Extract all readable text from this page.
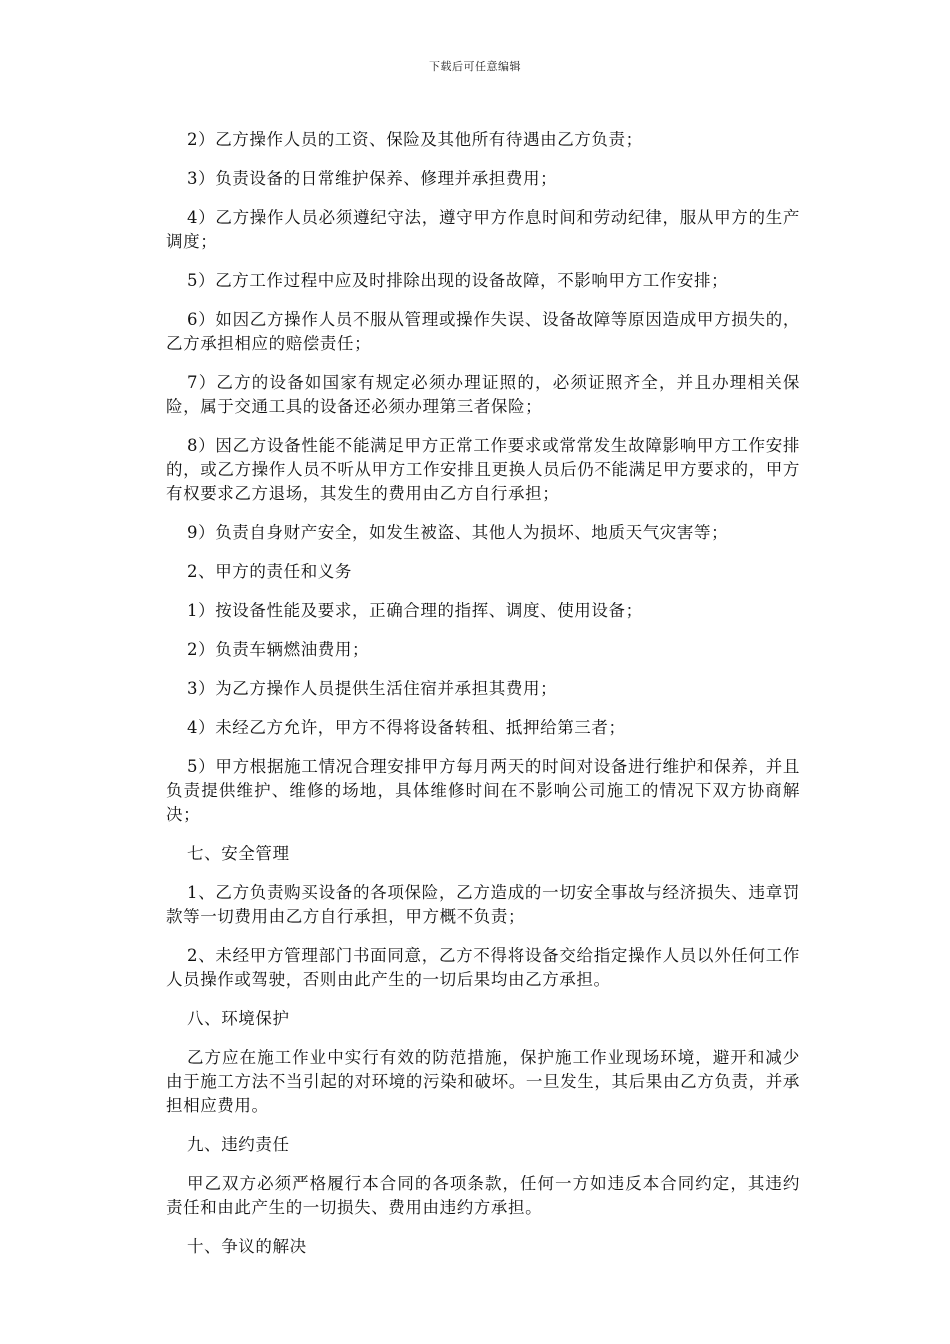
下载后可任意编辑

2）乙方操作人员的工资、保险及其他所有待遇由乙方负责；

3）负责设备的日常维护保养、修理并承担费用；

4）乙方操作人员必须遵纪守法，遵守甲方作息时间和劳动纪律，服从甲方的生产调度；

5）乙方工作过程中应及时排除出现的设备故障，不影响甲方工作安排；

6）如因乙方操作人员不服从管理或操作失误、设备故障等原因造成甲方损失的，乙方承担相应的赔偿责任；

7）乙方的设备如国家有规定必须办理证照的，必须证照齐全，并且办理相关保险，属于交通工具的设备还必须办理第三者保险；

8）因乙方设备性能不能满足甲方正常工作要求或常常发生故障影响甲方工作安排的，或乙方操作人员不听从甲方工作安排且更换人员后仍不能满足甲方要求的，甲方有权要求乙方退场，其发生的费用由乙方自行承担；

9）负责自身财产安全，如发生被盗、其他人为损坏、地质天气灾害等；

2、甲方的责任和义务

1）按设备性能及要求，正确合理的指挥、调度、使用设备；

2）负责车辆燃油费用；

3）为乙方操作人员提供生活住宿并承担其费用；

4）未经乙方允许，甲方不得将设备转租、抵押给第三者；

5）甲方根据施工情况合理安排甲方每月两天的时间对设备进行维护和保养，并且负责提供维护、维修的场地，具体维修时间在不影响公司施工的情况下双方协商解决；

七、安全管理

1、乙方负责购买设备的各项保险，乙方造成的一切安全事故与经济损失、违章罚款等一切费用由乙方自行承担，甲方概不负责；

2、未经甲方管理部门书面同意，乙方不得将设备交给指定操作人员以外任何工作人员操作或驾驶，否则由此产生的一切后果均由乙方承担。

八、环境保护

乙方应在施工作业中实行有效的防范措施，保护施工作业现场环境，避开和减少由于施工方法不当引起的对环境的污染和破坏。一旦发生，其后果由乙方负责，并承担相应费用。

九、违约责任

甲乙双方必须严格履行本合同的各项条款，任何一方如违反本合同约定，其违约责任和由此产生的一切损失、费用由违约方承担。

十、争议的解决
